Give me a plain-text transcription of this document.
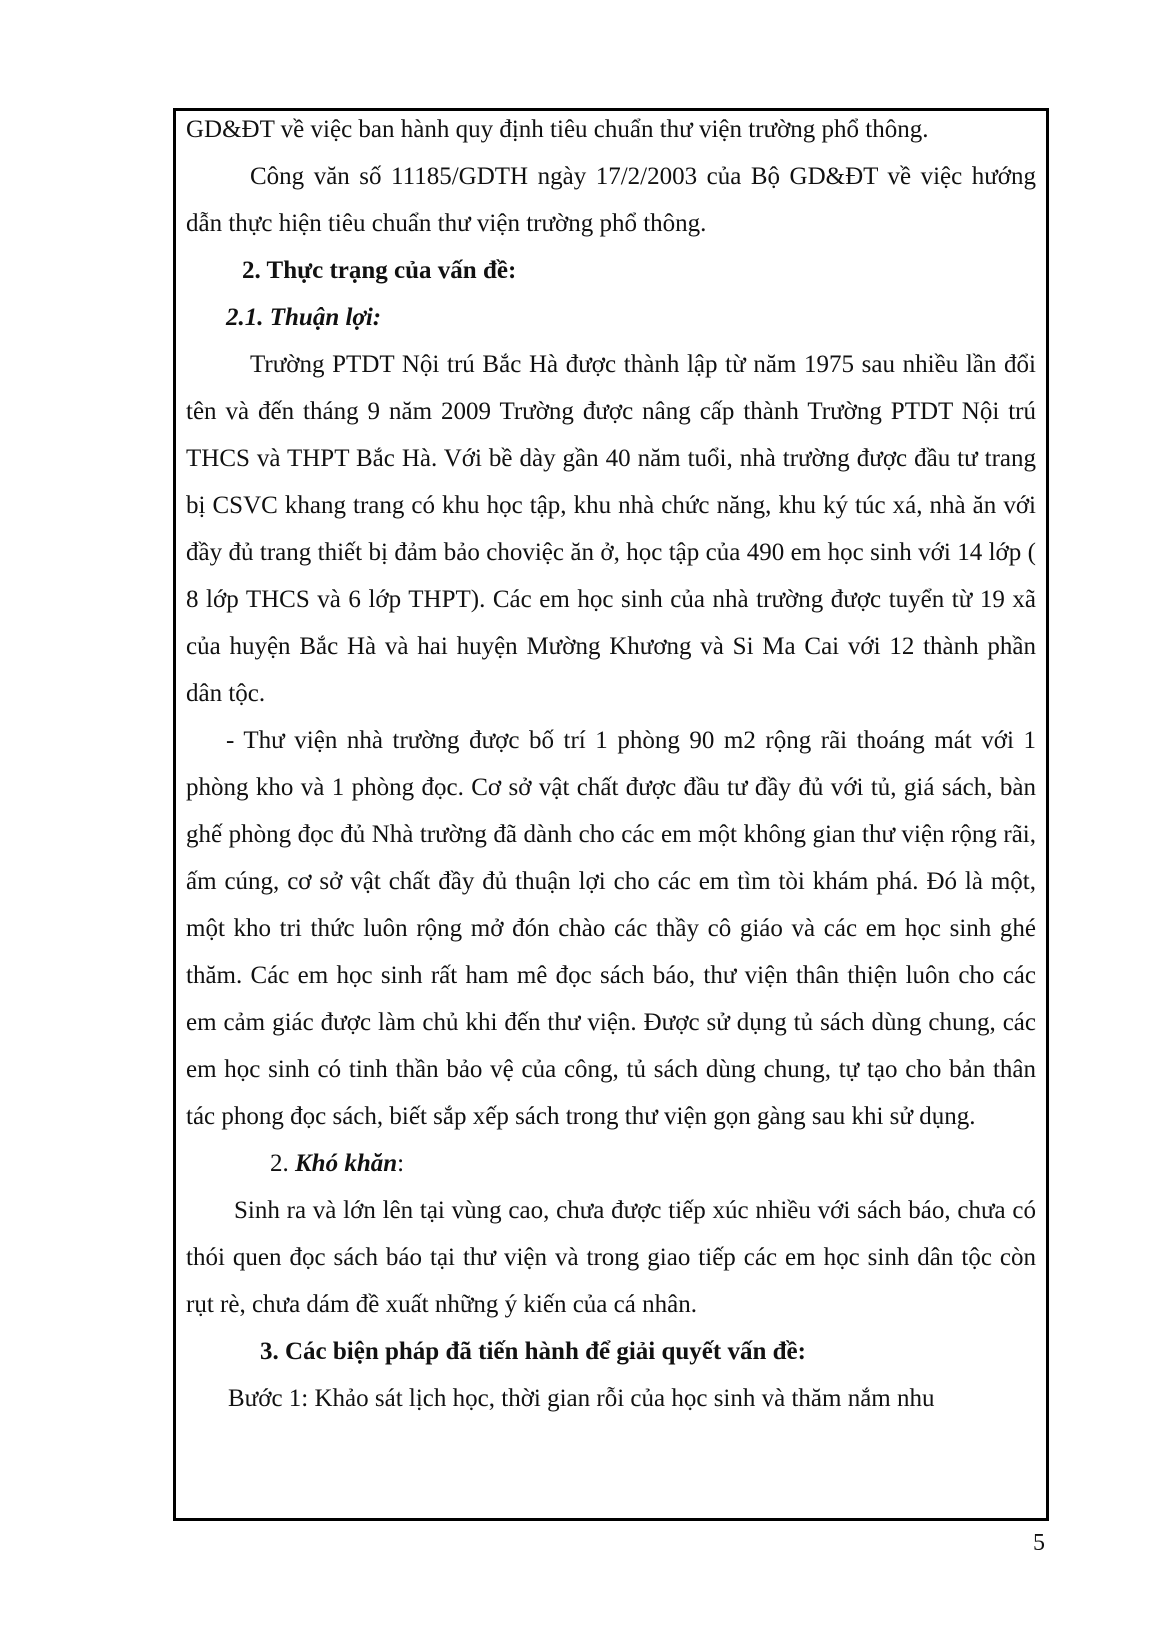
GD&ĐT về việc ban hành quy định tiêu chuẩn thư viện trường phổ thông.

Công văn số 11185/GDTH ngày 17/2/2003 của Bộ GD&ĐT về việc hướng dẫn thực hiện tiêu chuẩn thư viện trường phổ thông.

2. Thực trạng của vấn đề:

2.1. Thuận lợi:

Trường PTDT Nội trú Bắc Hà được thành lập từ năm 1975 sau nhiều lần đổi tên và đến tháng 9 năm 2009 Trường được nâng cấp thành Trường PTDT Nội trú THCS và THPT Bắc Hà. Với bề dày gần 40 năm tuổi, nhà trường được đầu tư trang bị CSVC khang trang có khu học tập, khu nhà chức năng, khu ký túc xá, nhà ăn với đầy đủ trang thiết bị đảm bảo choviệc ăn ở, học tập của 490 em học sinh với 14 lớp ( 8 lớp THCS và 6 lớp THPT). Các em học sinh của nhà trường được tuyển từ 19 xã của huyện Bắc Hà và hai huyện Mường Khương và Si Ma Cai với 12 thành phần dân tộc.

- Thư viện nhà trường được bố trí 1 phòng 90 m2 rộng rãi thoáng mát với 1 phòng kho và 1 phòng đọc. Cơ sở vật chất được đầu tư đầy đủ với tủ, giá sách, bàn ghế phòng đọc đủ Nhà trường đã dành cho các em một không gian thư viện rộng rãi, ấm cúng, cơ sở vật chất đầy đủ thuận lợi cho các em tìm tòi khám phá. Đó là một, một kho tri thức luôn rộng mở đón chào các thầy cô giáo và các em học sinh ghé thăm. Các em học sinh rất ham mê đọc sách báo, thư viện thân thiện luôn cho các em cảm giác được làm chủ khi đến thư viện. Được sử dụng tủ sách dùng chung, các em học sinh có tinh thần bảo vệ của công, tủ sách dùng chung, tự tạo cho bản thân tác phong đọc sách, biết sắp xếp sách trong thư viện gọn gàng sau khi sử dụng.

2. Khó khăn:

Sinh ra và lớn lên tại vùng cao, chưa được tiếp xúc nhiều với sách báo, chưa có thói quen đọc sách báo tại thư viện và trong giao tiếp các em học sinh dân tộc còn rụt rè, chưa dám đề xuất những ý kiến của cá nhân.

3. Các biện pháp đã tiến hành để giải quyết vấn đề:

Bước 1: Khảo sát lịch học, thời gian rỗi của học sinh và thăm nắm nhu

5
